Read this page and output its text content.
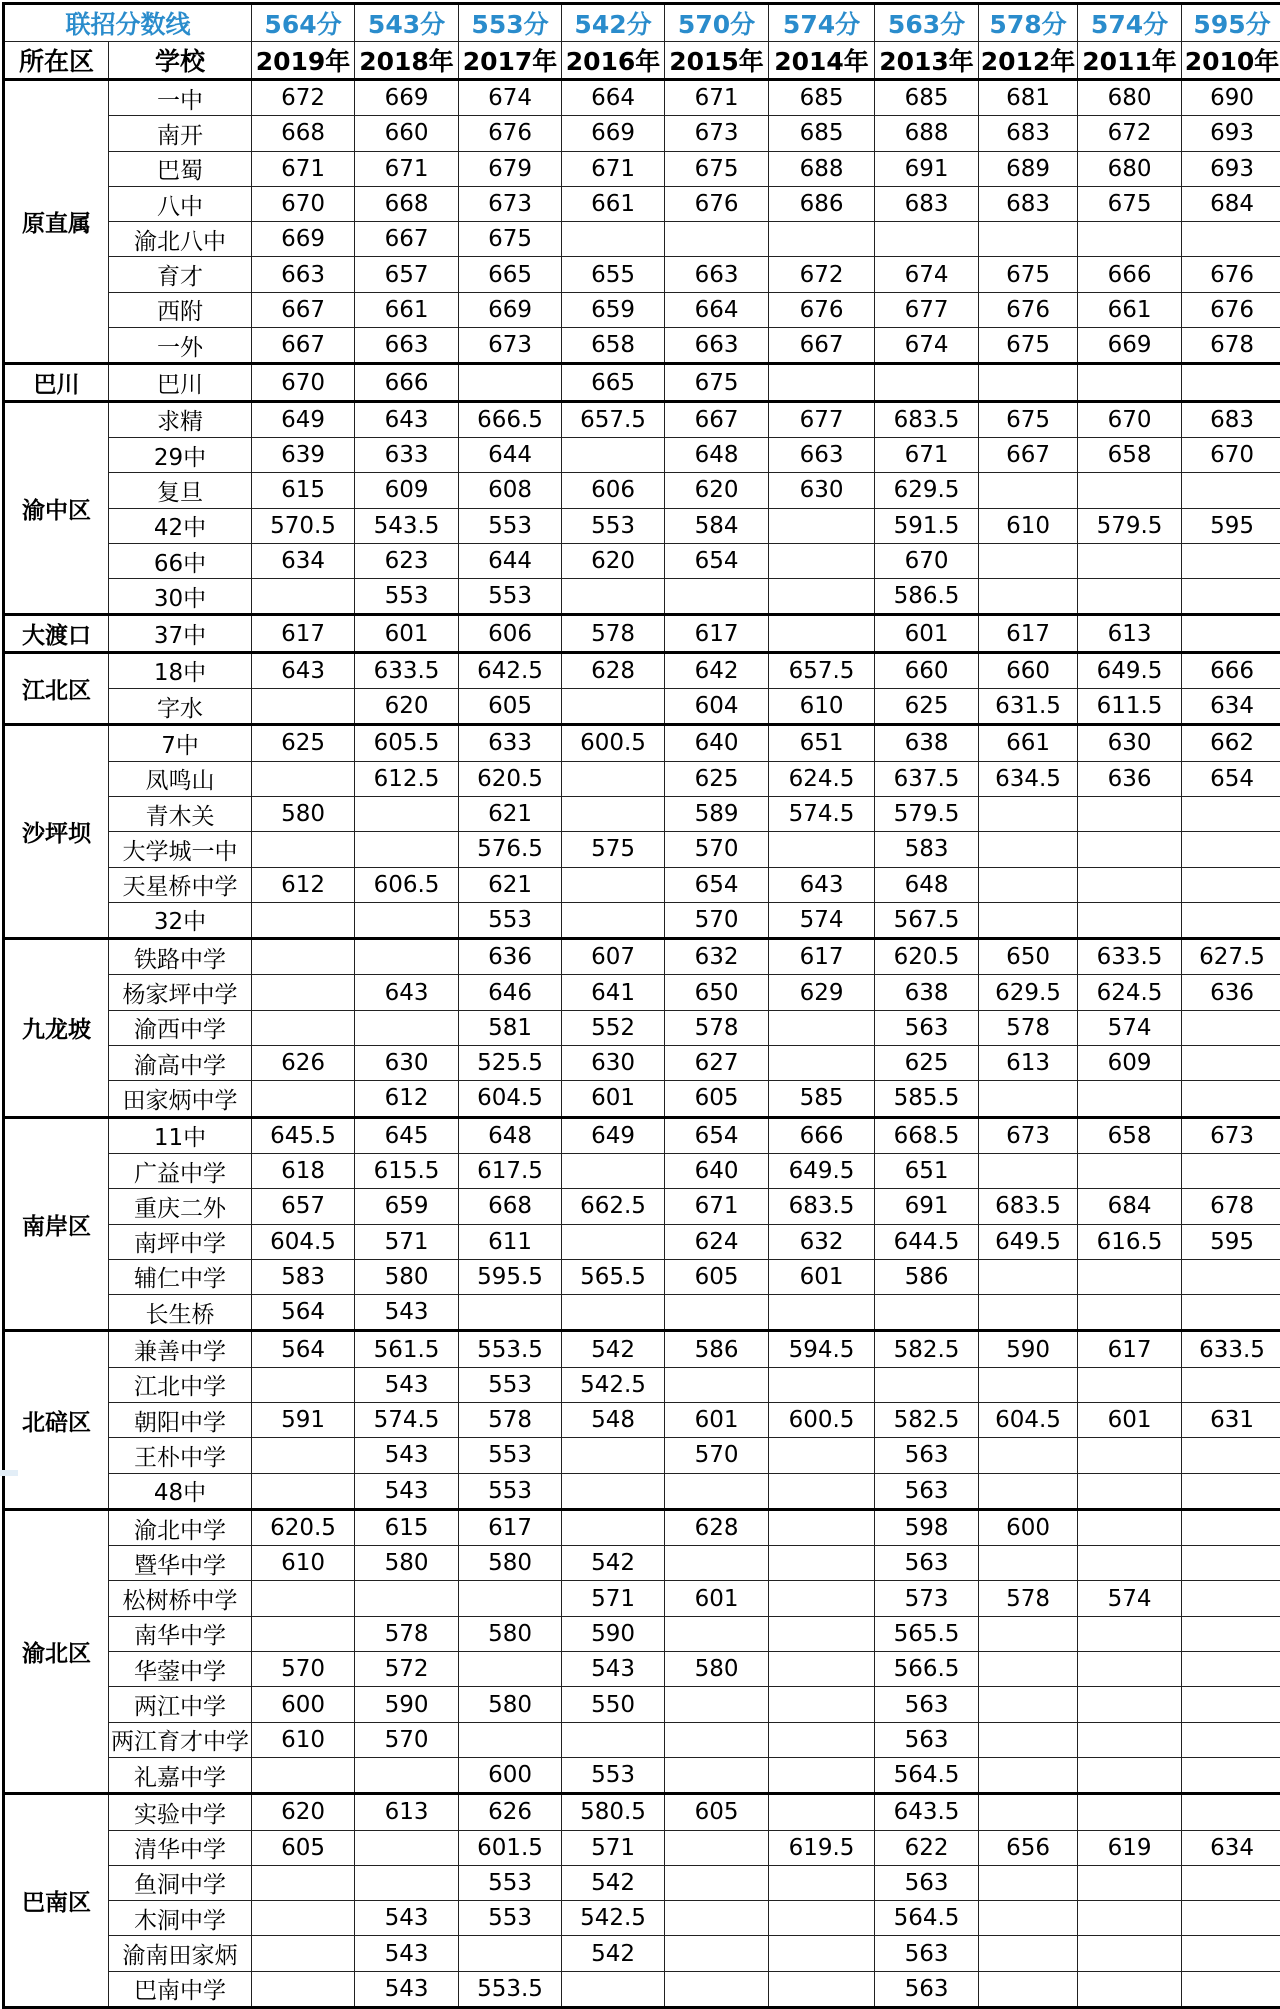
联招分数线		564分	543分	553分	542分	570分	574分	563分	578分	574分	595分
所在区	学校	2019年	2018年	2017年	2016年	2015年	2014年	2013年	2012年	2011年	2010年
原直属	一中	672	669	674	664	671	685	685	681	680	690
	南开	668	660	676	669	673	685	688	683	672	693
	巴蜀	671	671	679	671	675	688	691	689	680	693
	八中	670	668	673	661	676	686	683	683	675	684
	渝北八中	669	667	675							
	育才	663	657	665	655	663	672	674	675	666	676
	西附	667	661	669	659	664	676	677	676	661	676
	一外	667	663	673	658	663	667	674	675	669	678
巴川	巴川	670	666		665	675					
渝中区	求精	649	643	666.5	657.5	667	677	683.5	675	670	683
	29中	639	633	644		648	663	671	667	658	670
	复旦	615	609	608	606	620	630	629.5			
	42中	570.5	543.5	553	553	584		591.5	610	579.5	595
	66中	634	623	644	620	654		670			
	30中		553	553				586.5			
大渡口	37中	617	601	606	578	617		601	617	613	
江北区	18中	643	633.5	642.5	628	642	657.5	660	660	649.5	666
	字水		620	605		604	610	625	631.5	611.5	634
沙坪坝	7中	625	605.5	633	600.5	640	651	638	661	630	662
	凤鸣山		612.5	620.5		625	624.5	637.5	634.5	636	654
	青木关	580		621		589	574.5	579.5			
	大学城一中			576.5	575	570		583			
	天星桥中学	612	606.5	621		654	643	648			
	32中			553		570	574	567.5			
九龙坡	铁路中学			636	607	632	617	620.5	650	633.5	627.5
	杨家坪中学		643	646	641	650	629	638	629.5	624.5	636
	渝西中学			581	552	578		563	578	574	
	渝高中学	626	630	525.5	630	627		625	613	609	
	田家炳中学		612	604.5	601	605	585	585.5			
南岸区	11中	645.5	645	648	649	654	666	668.5	673	658	673
	广益中学	618	615.5	617.5		640	649.5	651			
	重庆二外	657	659	668	662.5	671	683.5	691	683.5	684	678
	南坪中学	604.5	571	611		624	632	644.5	649.5	616.5	595
	辅仁中学	583	580	595.5	565.5	605	601	586			
	长生桥	564	543								
北碚区	兼善中学	564	561.5	553.5	542	586	594.5	582.5	590	617	633.5
	江北中学		543	553	542.5						
	朝阳中学	591	574.5	578	548	601	600.5	582.5	604.5	601	631
	王朴中学		543	553		570		563			
	48中		543	553				563			
渝北区	渝北中学	620.5	615	617		628		598	600		
	暨华中学	610	580	580	542			563			
	松树桥中学				571	601		573	578	574	
	南华中学		578	580	590			565.5			
	华蓥中学	570	572		543	580		566.5			
	两江中学	600	590	580	550			563			
	两江育才中学	610	570					563			
	礼嘉中学			600	553			564.5			
巴南区	实验中学	620	613	626	580.5	605		643.5			
	清华中学	605		601.5	571		619.5	622	656	619	634
	鱼洞中学			553	542			563			
	木洞中学		543	553	542.5			564.5			
	渝南田家炳		543		542			563			
	巴南中学		543	553.5				563			
